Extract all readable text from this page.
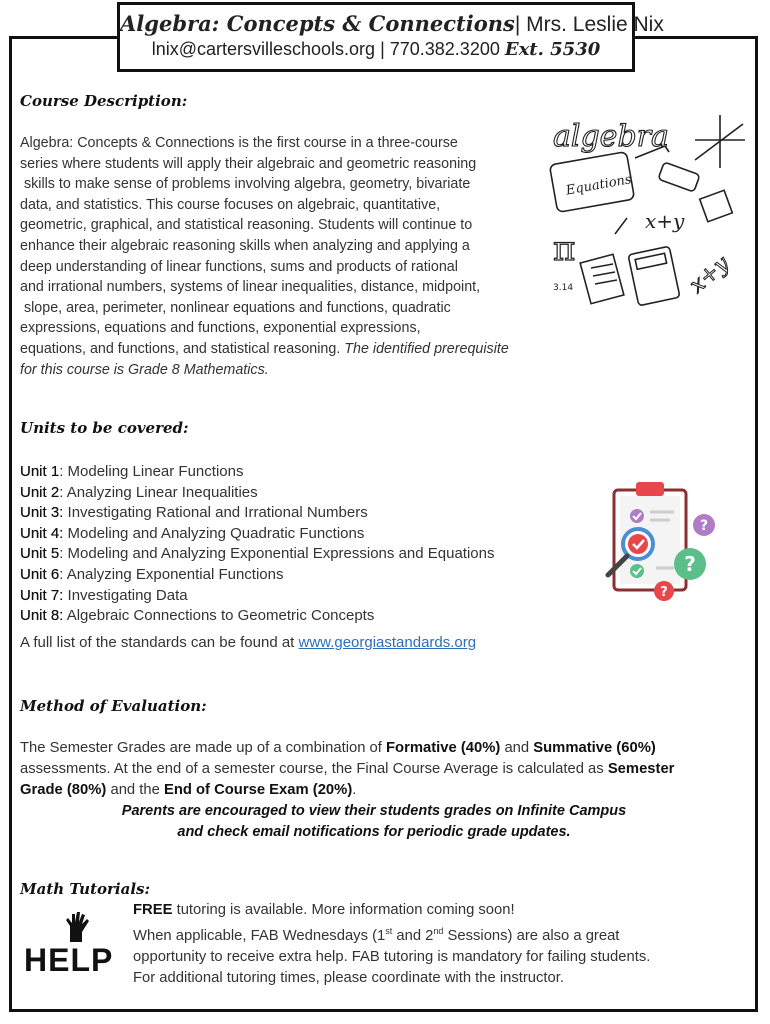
Algebra: Concepts & Connections| Mrs. Leslie Nix
lnix@cartersvilleschools.org | 770.382.3200 Ext. 5530
Course Description:
Algebra: Concepts & Connections is the first course in a three-course
series where students will apply their algebraic and geometric reasoning
skills to make sense of problems involving algebra, geometry, bivariate
data, and statistics. This course focuses on algebraic, quantitative,
geometric, graphical, and statistical reasoning. Students will continue to
enhance their algebraic reasoning skills when analyzing and applying a
deep understanding of linear functions, sums and products of rational
and irrational numbers, systems of linear inequalities, distance, midpoint,
slope, area, perimeter, nonlinear equations and functions, quadratic
expressions, equations and functions, exponential expressions,
equations, and functions, and statistical reasoning. The identified prerequisite
for this course is Grade 8 Mathematics.
algebra
Equations
x+y
π
x+y
3.14
Units to be covered:
Unit 1: Modeling Linear Functions
Unit 2: Analyzing Linear Inequalities
Unit 3: Investigating Rational and Irrational Numbers
Unit 4: Modeling and Analyzing Quadratic Functions
Unit 5: Modeling and Analyzing Exponential Expressions and Equations
Unit 6: Analyzing Exponential Functions
Unit 7: Investigating Data
Unit 8: Algebraic Connections to Geometric Concepts
A full list of the standards can be found at www.georgiastandards.org
?
?
?
Method of Evaluation:
The Semester Grades are made up of a combination of Formative (40%) and Summative (60%) assessments. At the end of a semester course, the Final Course Average is calculated as Semester Grade (80%) and the End of Course Exam (20%).
Parents are encouraged to view their students grades on Infinite Campus
and check email notifications for periodic grade updates.
Math Tutorials:
HELP
FREE tutoring is available. More information coming soon!
When applicable, FAB Wednesdays (1st and 2nd Sessions) are also a great
opportunity to receive extra help. FAB tutoring is mandatory for failing students.
For additional tutoring times, please coordinate with the instructor.
